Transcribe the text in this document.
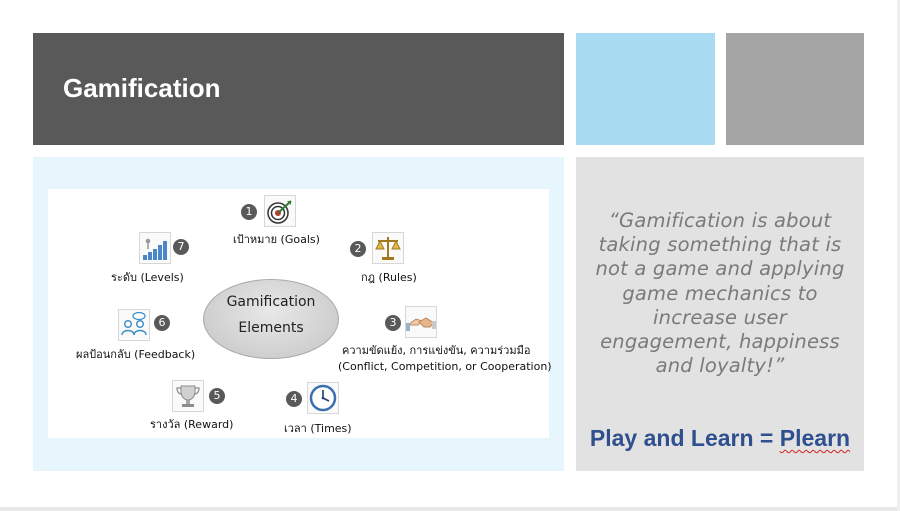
Gamification
Gamification
Elements
1
เป้าหมาย (Goals)
2
กฎ (Rules)
3
ความขัดแย้ง, การแข่งขัน, ความร่วมมือ
(Conflict, Competition, or Cooperation)
4
เวลา (Times)
5
รางวัล (Reward)
6
ผลป้อนกลับ (Feedback)
7
ระดับ (Levels)
“Gamification is about taking something that is not a game and applying game mechanics to increase user engagement, happiness and loyalty!”
Play and Learn = Plearn
